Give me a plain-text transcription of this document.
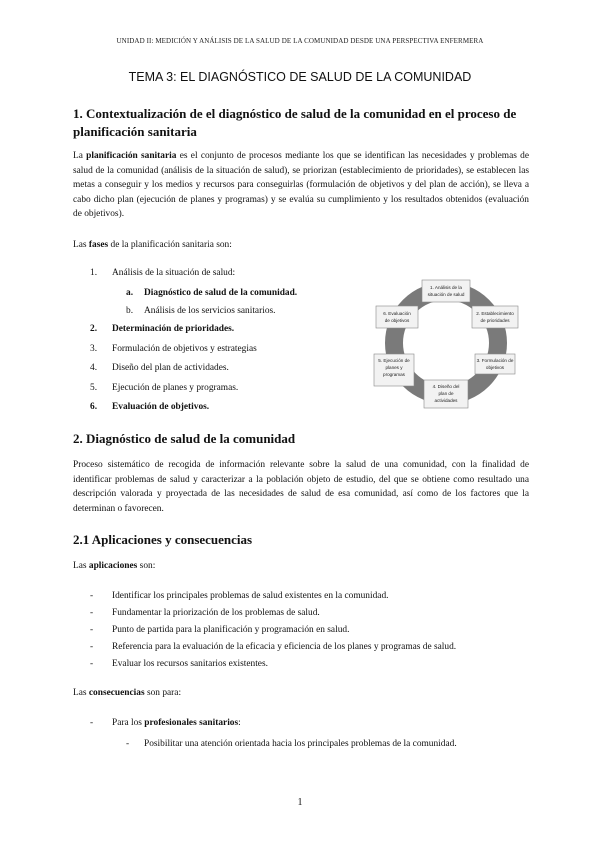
UNIDAD II: MEDICIÓN Y ANÁLISIS DE LA SALUD DE LA COMUNIDAD DESDE UNA PERSPECTIVA ENFERMERA
TEMA 3: EL DIAGNÓSTICO DE SALUD DE LA COMUNIDAD
1. Contextualización de el diagnóstico de salud de la comunidad en el proceso de
planificación sanitaria
La planificación sanitaria es el conjunto de procesos mediante los que se identifican las necesidades y problemas de salud de la comunidad (análisis de la situación de salud), se priorizan (establecimiento de prioridades), se establecen las metas a conseguir y los medios y recursos para conseguirlas (formulación de objetivos y del plan de acción), se lleva a cabo dicho plan (ejecución de planes y programas) y se evalúa su cumplimiento y los resultados obtenidos (evaluación de objetivos).
Las fases de la planificación sanitaria son:
1. Análisis de la situación de salud:
a. Diagnóstico de salud de la comunidad.
b. Análisis de los servicios sanitarios.
2. Determinación de prioridades.
3. Formulación de objetivos y estrategias
4. Diseño del plan de actividades.
5. Ejecución de planes y programas.
6. Evaluación de objetivos.
1. Análisis de la
situación de salud
2. Establecimiento
de prioridades
3. Formulación de
objetivos
4. Diseño del
plan de
actividades
5. Ejecución de
planes y
programas
6. Evaluación
de objetivos
2. Diagnóstico de salud de la comunidad
Proceso sistemático de recogida de información relevante sobre la salud de una comunidad, con la finalidad de identificar problemas de salud y caracterizar a la población objeto de estudio, del que se obtiene como resultado una descripción valorada y proyectada de las necesidades de salud de esa comunidad, así como de los factores que la determinan o favorecen.
2.1 Aplicaciones y consecuencias
Las aplicaciones son:
- Identificar los principales problemas de salud existentes en la comunidad.
- Fundamentar la priorización de los problemas de salud.
- Punto de partida para la planificación y programación en salud.
- Referencia para la evaluación de la eficacia y eficiencia de los planes y programas de salud.
- Evaluar los recursos sanitarios existentes.
Las consecuencias son para:
- Para los profesionales sanitarios:
- Posibilitar una atención orientada hacia los principales problemas de la comunidad.
1
